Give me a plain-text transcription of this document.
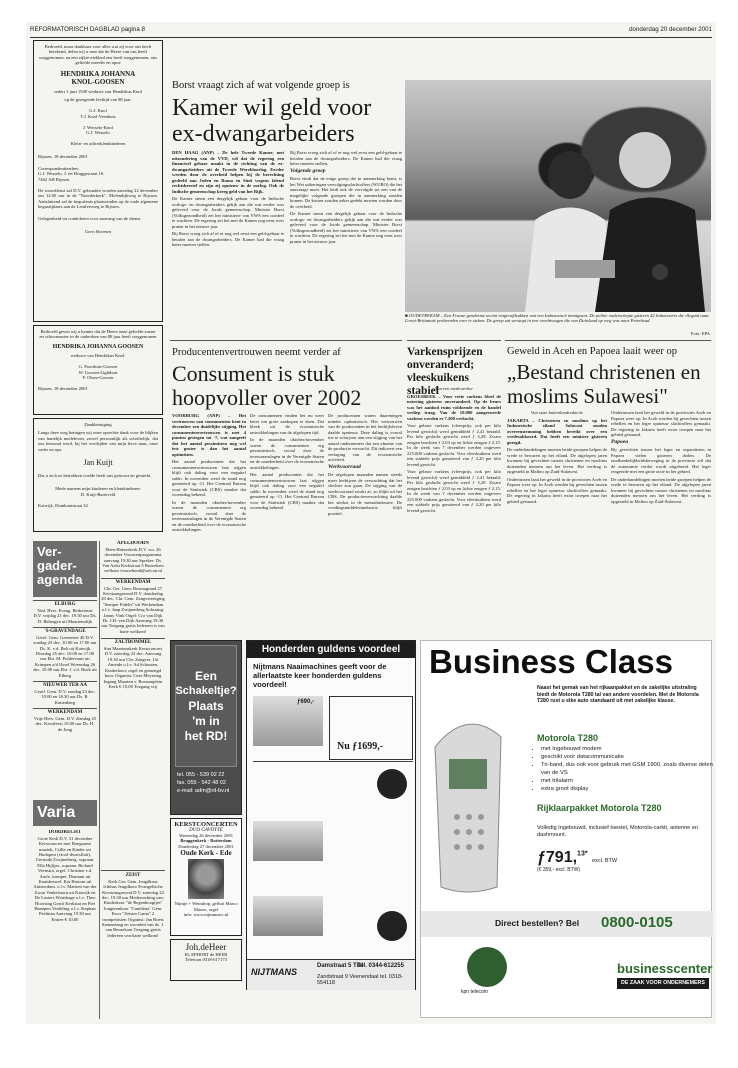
REFORMATORISCH DAGBLAD pagina 8	donderdag 20 december 2001
Bedroefd, maar dankbaar voor alles wat zij voor ons heeft betekend, delen wij u mee dat de Heere van ons heeft weggenomen, na een zijkte-ziekbed ons heeft weggenomen, ons geliefde moeder en opoe
HENDRIKA JOHANNA
KNOL-GOOSEN
sedert 1 juni 1949 weduwe van Hendrikus Knol
op de gezegende leeftijd van 88 jaar.
G.J. Knol
T.J. Knol-Veenhuis

J. Wesselo-Knol
G.J. Wesselo

Klein- en achterkleinkinderen
Rijssen, 18 december 2001
Correspondentieadres:
G.J. Wesselo, J. ter Bruggestraat 16
7462 AH Rijssen
De rouwdienst zal D.V. gehouden worden zaterdag 22 december om 12.00 uur in de "Noorderkerk", Molendijkweg te Rijssen. Aansluitend zal de begrafenis plaatsvinden op de oude algemene begraafplaats aan de Lentfersweg te Rijssen.
Gelegenheid tot condoleren voor aanvang van de dienst.
Geen bloemen
Bedroefd geven wij u kennis dat de Heere onze geliefde zuster en schoonzuster in de ouderdom van 88 jaar heeft weggenomen
HENDRIKA JOHANNA GOOSEN
weduwe van Hendrikus Knol.
G. Poorthuis-Goosen
W. Goosen-Lighthart
F. Olsen-Goosen
Rijssen, 18 december 2001
Dankbetuiging
Langs deze weg betuigen wij onze oprechte dank voor de blijken van hartelijk medeleven, zowel persoonlijk als schriftelijk, dat ons betoond werd, bij het overlijden van mijn lieve man, onze vader en opa
Jan Kuijt
Dat u zich zo betrokken voelde heeft ons getroost en gesterkt.
Mede namens mijn kinderen en kleinkinderen:
D. Kuijt-Barteveld
Katwijk, Duinkantstraat 32
Ver-
gader-
agenda
ELBURG
Ned. Herv. Evang. Berkenrust D.V. vrijdag 21 dec. 19.30 uur Ds. D. Rebergen uit Maartensdijk
'S-GRAVENDAGE
Geref. Gem. Gemeente 40 D.V. zondag 23 dec. 10.00 en 17.00 uur Ds. K. v.d. Belt uit Katwijk Dinsdag 25 dec. 10.00 en 17.00 uur Ehr. M. Poldervaart uit Krimpen a/d IJssel Woensdag 26 dec. 10.00 uur Ehr. J. v.d. Boek uit Elburg
NIEUWER TER AA
Geref. Gem. D.V. zondag 23 dec. 10.00 en 18.30 uur Ds. R. Kattenberg
WERKENDAM
Vrije Herv. Gem. D.V. dinsdag 25 dec. Kerstfeest 10.00 uur Ds. H. de Jong
Varia
DORDRECHT
Grote Kerk D.V. 31 december Kerstconcert met Hongaarse muziek, Csilla en Kinder uit Budapest (viool-dwarsfluit), Gertrude Zwijnenberg, sopraan. Ella Hijltjes, sopraan. Richard Veenstra, orgel. Christine v.d. Aarle, trompet. Diamant uit Kaatsheuvel. Kai Hariran uit Amsterdam. o.l.v. Martien van der Zwan Venkelstorn uit Katwijk en De Lusters Woudsage o.l.v. Theo Hoorsing Gerrit Kerkstra en Piet Hanepen Verdeling o.l.v. Stephan Peelman Aanvang 19.30 uur Entree € 10,00
APELDOORN
Eben-Haëzerkerk D.V. wo. 26 december Vrouwenprogramma aanvang 19.30 uur Spreker: Ds. Van Aalst Kerkstraat 5 Bezoekers welkom vrouwbond@solcon.nl
WERKENDAM
Chr. Ger. Gem. Bosmagrand 27 Kerstzangavond D.V. donderdag 20 dec. Chr. Gem. Zangvereniging "Semper Fidelis" uit Werkendam o.l.v. Jaap Zwijnenberg Solozang: Janny Vink Orgel: Cor van Dijk Dr. J.H. van Dijk Aanvang 19.30 uur Toegang gratis Iedereen is van harte welkom!
ZALTBOMMEL
Sint Maartenskerk Kerstconcert D.V. zaterdag 22 dec. Aanvang 19.30 uur Chr. Zangver. Uit Ameide o.l.v. Ad Schouten. Kinderkoor, orgel en gemengd koor. Organist: Cees Meyering Ingang Maarten v. Rossumplein Kerk € 10,00 Toegang vrij
ZEIST
Kerk Ger. Gem. Jeugdkoor Ichthus Jeugdkoor Evangelische Kerstzangavond D.V. zaterdag 22 dec. 19.30 uur Medewerking van: Kinderkoor "de Regenboogtjes" Jongerenkoor "Cantilena" Gem. Koor "Zeister Canta" 2 trompettisten Organist: Jan Roest Samenzang en woorden van ds. J. van Beusekom Toegang gratis Iedereen van harte welkom!
Borst vraagt zich af wat volgende groep is
Kamer wil geld voor ex-dwangarbeiders

DEN HAAG (ANP) – De hele Tweede Kamer, met uitzondering van de VVD, wil dat de regering een financieel gebaar maakt in de richting van de ex-dwangarbeiders uit de Tweede Wereldoorlog. Eerder werden door de overheid helpen bij de berechting gedeeld aan Joden en Roma en Sinti wegens falend rechtsherstel en zijn zij opnieuw in de oorlog. Ook de Indische gemeenschap kreeg geld van het Rijk.

De Kamer stemt een dergelijk gebaar voor de Indische oorlogs- en dwangarbeiders gelijk aan die wat eerder was geleverd voor de Joods gemeenschap. Minister Borst (Volksgezondheid) zei het ministerie van VWS een oordeel te wachten. De regering zei het met de Kamer nog eens over praten in het nieuwe jaar.

Bij Borst vroeg zich af of er nog wel eerst een geld-gebaar te betalen aan de dwangarbeiders. De Kamer had die vraag beter moeten stellen.

Bij Borst vroeg zich af of er nog wel eerst een geld-gebaar te betalen aan de dwangarbeiders. De Kamer had die vraag beter moeten stellen.

Volgende groep

Borst vindt dat de enige groep die in aanmerking komt, is het Wet uitkeringen vervolgingsslachtoffers (WUBO) die het aanvraagt moet. Het leidt ook de vervolgde tot een van de mogelijke volgende groepen die in aanmerking zouden komen. De kosten zouden zeker gedekt moeten worden door de overheid.

De Kamer stemt een dergelijk gebaar voor de Indische oorlogs- en dwangarbeiders gelijk aan die wat eerder was geleverd voor de Joods gemeenschap. Minister Borst (Volksgezondheid) zei het ministerie van VWS een oordeel te wachten. De regering zei het met de Kamer nog eens over praten in het nieuwe jaar.

■ OUDETREKAM – Een Franse gendarme neemt vingerafdrukken van een Indonesisch immigrant. De politie onderschepte gisteren 42 Indonesiërs die illegaal naar Groot-Brittannië probeerden over te steken. De groep zat verstopt in een vrachtwagen die van Duitsland op weg was naar Peterhead.
Foto: EPA
Producentenvertrouwen neemt verder af
Consument is stuk hoopvoller over 2002

VOORBURG (ANP) – Het vertrouwen van consumenten kent in december een duidelijke stijging. Het consumentenvertrouwen is met 4 punten gestegen tot -7, wat aangeeft dat het aantal pessimisten nog wel iets groter is dan het aantal optimisten.

Het aantal producenten dat het consumentenvertrouwen laat stijgen blijft ook daling voor een negatief saldo. In november werd de stand nog genoteerd op -11. Het Centraal Bureau voor de Statistiek (CBS) maakte dat woensdag bekend.

In de maanden oktober/november waren de consumenten erg pessimistisch, vooral door de terreuraanslagen in de Verenigde Staten en de onzekerheid over de economische ontwikkelingen.

De consumenten vinden het nu weer beter om grote aankopen te doen. Dat bleek uit de economische ontwikkelingen van de afgelopen tijd.

In de maanden oktober/november waren de consumenten erg pessimistisch, vooral door de terreuraanslagen in de Verenigde Staten en de onzekerheid over de economische ontwikkelingen.

Het aantal producenten dat het consumentenvertrouwen laat stijgen blijft ook daling voor een negatief saldo. In november werd de stand nog genoteerd op -11. Het Centraal Bureau voor de Statistiek (CBS) maakte dat woensdag bekend.

De producenten waren daarentegen minder optimistisch. Het vertrouwen van de producenten in het bedrijfsleven daalde opnieuw. Deze daling is vooral toe te schrijven aan een stijging van het aantal ondernemers dat een afname van de productie verwacht. Dit indiceert een verlaging van de economische activiteit.

Werkvoorraad

De afgelopen maanden namen steeds meer bedrijven de verwachting dat het slechter zou gaan. De stijging van de werkvoorraad zwakt af, zo blijkt uit het CBS. De productieverwachting daalde het sterkst in de metaalindustrie. De voedingsmiddelenindustrie blijft positief.

Varkensprijzen onveranderd; vleeskuikens stabiel

Van een medewerker

GROESBEEK – Voor vette varkens bleef de notering gisteren onveranderd. Op de beurs was het aanbod ruim voldoende en de handel verliep traag. Van de 10.000 aangevoerde varkens werden er 7.200 verkocht.

Voor gelaste varkens (vleesprijs, ook per kilo levend gewicht) werd gemiddeld ƒ 2,41 betaald. Per kilo geslacht gewicht werd ƒ 3,29. Zware zeugen brachten ƒ 2,03 op en lichte zeugen ƒ 2,15. In de week van 7 december werden ongeveer 225.000 varkens geslacht. Voor vleeskuikens werd een stabiele prijs genoteerd van ƒ 2,20 per kilo levend gewicht.

Voor gelaste varkens (vleesprijs, ook per kilo levend gewicht) werd gemiddeld ƒ 2,41 betaald. Per kilo geslacht gewicht werd ƒ 3,29. Zware zeugen brachten ƒ 2,03 op en lichte zeugen ƒ 2,15. In de week van 7 december werden ongeveer 225.000 varkens geslacht. Voor vleeskuikens werd een stabiele prijs genoteerd van ƒ 2,20 per kilo levend gewicht.

Geweld in Aceh en Papoea laait weer op
„Bestand christenen en moslims Sulawesi"

Van onze buitenlandredactie

JAKARTA – Christenen en moslims op het Indonesische eiland Sulawesi zouden overeenstemming hebben bereikt over een vredesakkoord. Dat heeft een minister gisteren gezegd.

De onderhandelingen moeten beide groepen helpen de vrede te bewaren op het eiland. De afgelopen jaren kwamen bij gevechten tussen christenen en moslims duizenden mensen om het leven. Het verdrag is opgesteld in Malino op Zuid-Sulawesi.

Ondertussen laait het geweld in de provincies Aceh en Papoea weer op. In Aceh werden bij gevechten tussen rebellen en het leger opnieuw slachtoffers gemaakt. De regering in Jakarta heeft extra troepen naar het gebied gestuurd.

Ondertussen laait het geweld in de provincies Aceh en Papoea weer op. In Aceh werden bij gevechten tussen rebellen en het leger opnieuw slachtoffers gemaakt. De regering in Jakarta heeft extra troepen naar het gebied gestuurd.

Papoea

Bij gevechten tussen het leger en separatisten in Papoea vielen gisteren doden. De onafhankelijkheidsbeweging in de provincie wil dat de autonomie verder wordt uitgebreid. Het leger reageerde met een grote actie in het gebied.

De onderhandelingen moeten beide groepen helpen de vrede te bewaren op het eiland. De afgelopen jaren kwamen bij gevechten tussen christenen en moslims duizenden mensen om het leven. Het verdrag is opgesteld in Malino op Zuid-Sulawesi.

Een
Schakeltje?
Plaats
'm in
het RD!
tel. 055 - 539 02 22
fax. 055 - 542 48 02
e-mail: adm@rd-bv.nl
KERSTCONCERTEN
DUO GAVOTTE
Woensdag 26 december 2001
Bruggenkerk - Rotterdam
Donderdag 27 december 2001
Oude Kerk - Ede
Nijntje + Weindrop, gefluit Marco Mazzo, orgel
info: www.nijmmusic.nl
Joh.deHeer
EL EPHORT de HEER
Telefoon 0318-617173
Honderden guldens voordeel
Nijtmans Naaimachines geeft voor de allerlaatste keer honderden guldens voordeel!
ƒ690,-
Nu ƒ1699,-
NIJTMANS
Damstraat 5 Tiel
Tel. 0344-612255
Zandstraat 9 Veenendaal tel. 0318-554118
Business Class
Naast het gemak van het rijkaanpakket en de zakelijke uitstraling biedt de Motorola T280 tal van andere voordelen. Met de Motorola T280 rust u elke auto standaard uit met zakelijke klasse.
Motorola T280
• met Ingebouwd modem
• geschikt voor datacommunicatie
• Tri-band, dus ook voor gebruik met GSM 1900, zoals diverse delen van de VS
• met trilalarm
• extra groot display
Rijklaarpakket Motorola T280
Volledig Ingebouwd, inclusief toestel, Motorola-carkit, antenne en dashmount.
ƒ791,$^{13*}$ excl. BTW
(€ 359,- excl. BTW)
Direct bestellen? Bel 0800-0105
kpn telecom
businesscenter
DE ZAAK VOOR ONDERNEMERS
